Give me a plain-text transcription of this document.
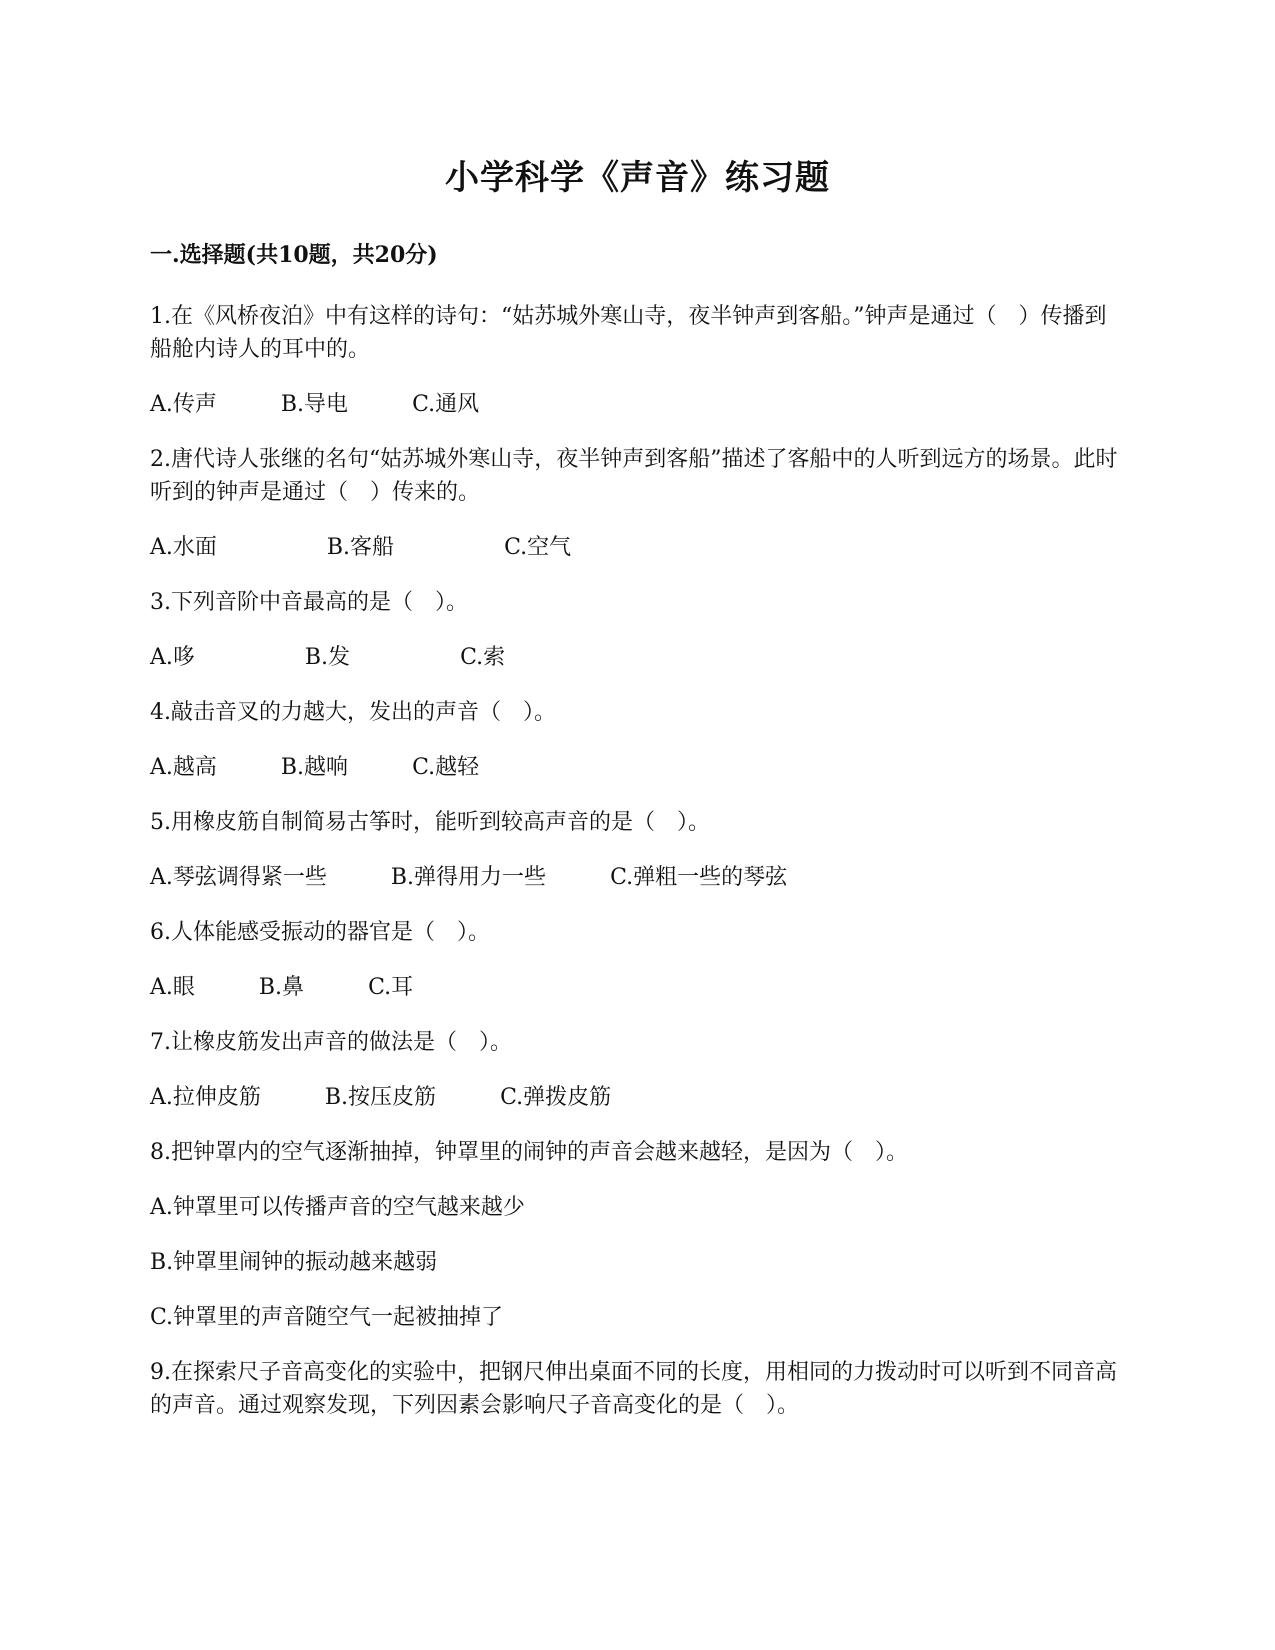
小学科学《声音》练习题
一.选择题(共10题，共20分)
1.在《风桥夜泊》中有这样的诗句：“姑苏城外寒山寺，夜半钟声到客船。”钟声是通过（　）传播到船舱内诗人的耳中的。
A.传声	B.导电	C.通风
2.唐代诗人张继的名句“姑苏城外寒山寺，夜半钟声到客船”描述了客船中的人听到远方的场景。此时听到的钟声是通过（　）传来的。
A.水面	B.客船	C.空气
3.下列音阶中音最高的是（　）。
A.哆	B.发	C.索
4.敲击音叉的力越大，发出的声音（　）。
A.越高	B.越响	C.越轻
5.用橡皮筋自制简易古筝时，能听到较高声音的是（　）。
A.琴弦调得紧一些	B.弹得用力一些	C.弹粗一些的琴弦
6.人体能感受振动的器官是（　）。
A.眼	B.鼻	C.耳
7.让橡皮筋发出声音的做法是（　）。
A.拉伸皮筋	B.按压皮筋	C.弹拨皮筋
8.把钟罩内的空气逐渐抽掉，钟罩里的闹钟的声音会越来越轻，是因为（　）。
A.钟罩里可以传播声音的空气越来越少
B.钟罩里闹钟的振动越来越弱
C.钟罩里的声音随空气一起被抽掉了
9.在探索尺子音高变化的实验中，把钢尺伸出桌面不同的长度，用相同的力拨动时可以听到不同音高的声音。通过观察发现，下列因素会影响尺子音高变化的是（　）。
